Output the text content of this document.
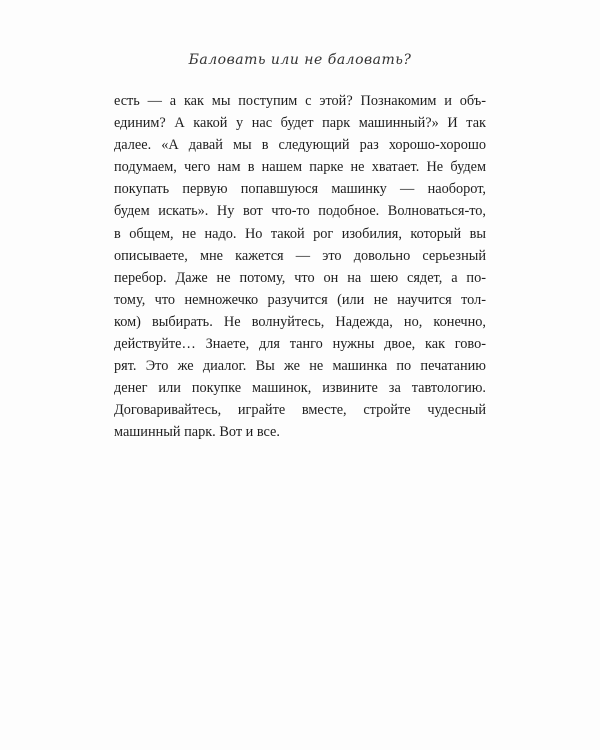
Баловать или не баловать?
есть — а как мы поступим с этой? Познакомим и объ-
единим? А какой у нас будет парк машинный?» И так
далее. «А давай мы в следующий раз хорошо-хорошо
подумаем, чего нам в нашем парке не хватает. Не будем
покупать первую попавшуюся машинку — наоборот,
будем искать». Ну вот что-то подобное. Волноваться-то,
в общем, не надо. Но такой рог изобилия, который вы
описываете, мне кажется — это довольно серьезный
перебор. Даже не потому, что он на шею сядет, а по-
тому, что немножечко разучится (или не научится тол-
ком) выбирать. Не волнуйтесь, Надежда, но, конечно,
действуйте… Знаете, для танго нужны двое, как гово-
рят. Это же диалог. Вы же не машинка по печатанию
денег или покупке машинок, извините за тавтологию.
Договаривайтесь, играйте вместе, стройте чудесный
машинный парк. Вот и все.
